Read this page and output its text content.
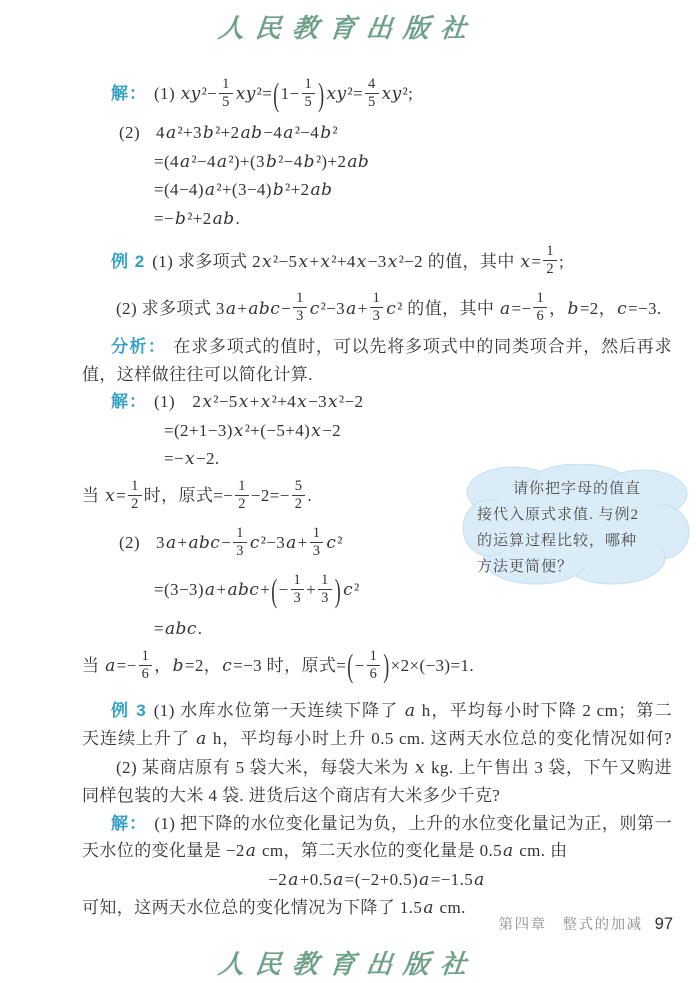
人民教育出版社
解： (1) $xy^2- \frac{1}{5} xy^2=(1- \frac{1}{5}$ ) $xy^2= \frac{4}{5} xy^2$;
(2) 4a²+3b²+2ab−4a²−4b²
=(4a²−4a²)+(3b²−4b²)+2ab
=(4−4)a²+(3−4)b²+2ab
=−b²+2ab.
例 2 (1) 求多项式 2x²−5x+x²+4x−3x²−2 的值，其中 $x= \frac{1}{2}$ ;
(2) 求多项式 $3a+abc- \frac{1}{3} c^2-3a+ \frac{1}{3} c^2$ 的值，其中 $a=- \frac{1}{6}$ ，b=2，c=−3.
分析： 在求多项式的值时，可以先将多项式中的同类项合并，然后再求
值，这样做往往可以简化计算.
解： (1)　2x²−5x+x²+4x−3x²−2
=(2+1−3)x²+(−5+4)x−2
=−x−2.
当 $x= \frac{1}{2}$ 时，原式=− $\frac{1}{2} -2=- \frac{5}{2}$ .
(2) $3a+abc- \frac{1}{3} c^2-3a+ \frac{1}{3} c^2$
$=(3-3)a+abc+(- \frac{1}{3} + \frac{1}{3}$ ) c²
=abc.
当 $a=- \frac{1}{6}$ ，b=2，c=−3 时，原式=(− $\frac{1}{6} )\times 2\times(-3)=1$.
例 3 (1) 水库水位第一天连续下降了 a h，平均每小时下降 2 cm；第二
天连续上升了 a h，平均每小时上升 0.5 cm. 这两天水位总的变化情况如何?
(2) 某商店原有 5 袋大米，每袋大米为 x kg. 上午售出 3 袋，下午又购进
同样包装的大米 4 袋. 进货后这个商店有大米多少千克?
解： (1) 把下降的水位变化量记为负，上升的水位变化量记为正，则第一
天水位的变化量是 −2a cm，第二天水位的变化量是 0.5a cm. 由
−2a+0.5a=(−2+0.5)a=−1.5a
可知，这两天水位总的变化情况为下降了 1.5a cm.
请你把字母的值直
接代入原式求值. 与例2
的运算过程比较，哪种
方法更简便？
第四章　整式的加减 97
人民教育出版社
